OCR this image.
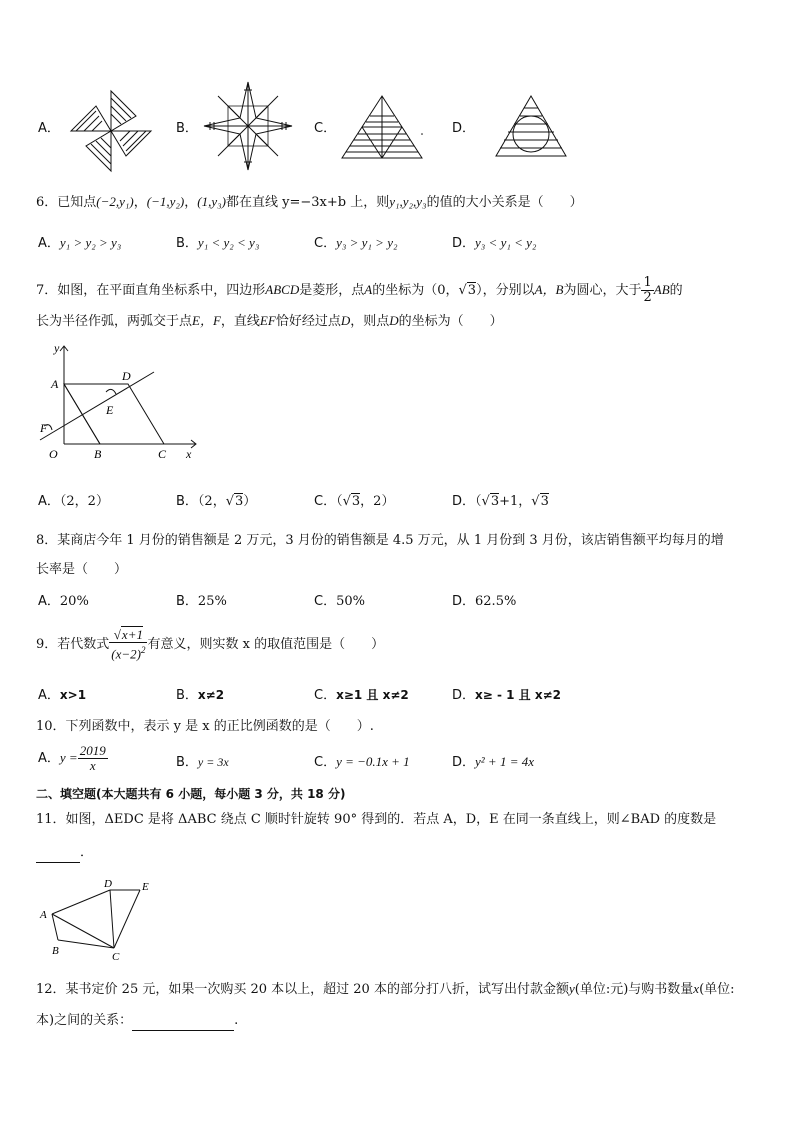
A．	B．	C．	D．
6．已知点(−2,y₁)，(−1,y₂)，(1,y₃)都在直线 y=−3x+b 上，则y₁,y₂,y₃的值的大小关系是（　　）
A．y₁ > y₂ > y₃	B．y₁ < y₂ < y₃	C．y₃ > y₁ > y₂	D．y₃ < y₁ < y₂
7．如图，在平面直角坐标系中，四边形ABCD是菱形，点A的坐标为（0，√3），分别以A，B为圆心，大于 $\frac{1}{2}$ AB的
长为半径作弧，两弧交于点E，F，直线EF恰好经过点D，则点D的坐标为（　　）
y
x
A
D
E
F
O	B	C
A．（2，2）	B．（2，√3）	C．（√3，2）	D．（√3+1，√3
8．某商店今年 1 月份的销售额是 2 万元，3 月份的销售额是 4.5 万元，从 1 月份到 3 月份，该店销售额平均每月的增
长率是（　　）
A．20%	B．25%	C．50%	D．62.5%
9．若代数式 $\frac{√x+1}{(x-2)^2}$ 有意义，则实数 x 的取值范围是（　　）
A．x>1	B．x≠2	C．x≥1 且 x≠2	D．x≥ - 1 且 x≠2
10．下列函数中，表示 y 是 x 的正比例函数的是（　　）.
A．$y = \frac{2019}{x}$	B．y = 3x	C．y = −0.1x + 1	D．y² + 1 = 4x
二、填空题(本大题共有 6 小题，每小题 3 分，共 18 分)
11．如图，ΔEDC 是将 ΔABC 绕点 C 顺时针旋转 90° 得到的．若点 A，D，E 在同一条直线上，则∠BAD 的度数是
．
D	E
A
B	C
12．某书定价 25 元，如果一次购买 20 本以上，超过 20 本的部分打八折，试写出付款金额y(单位:元)与购书数量x(单位:
本)之间的关系：	.
